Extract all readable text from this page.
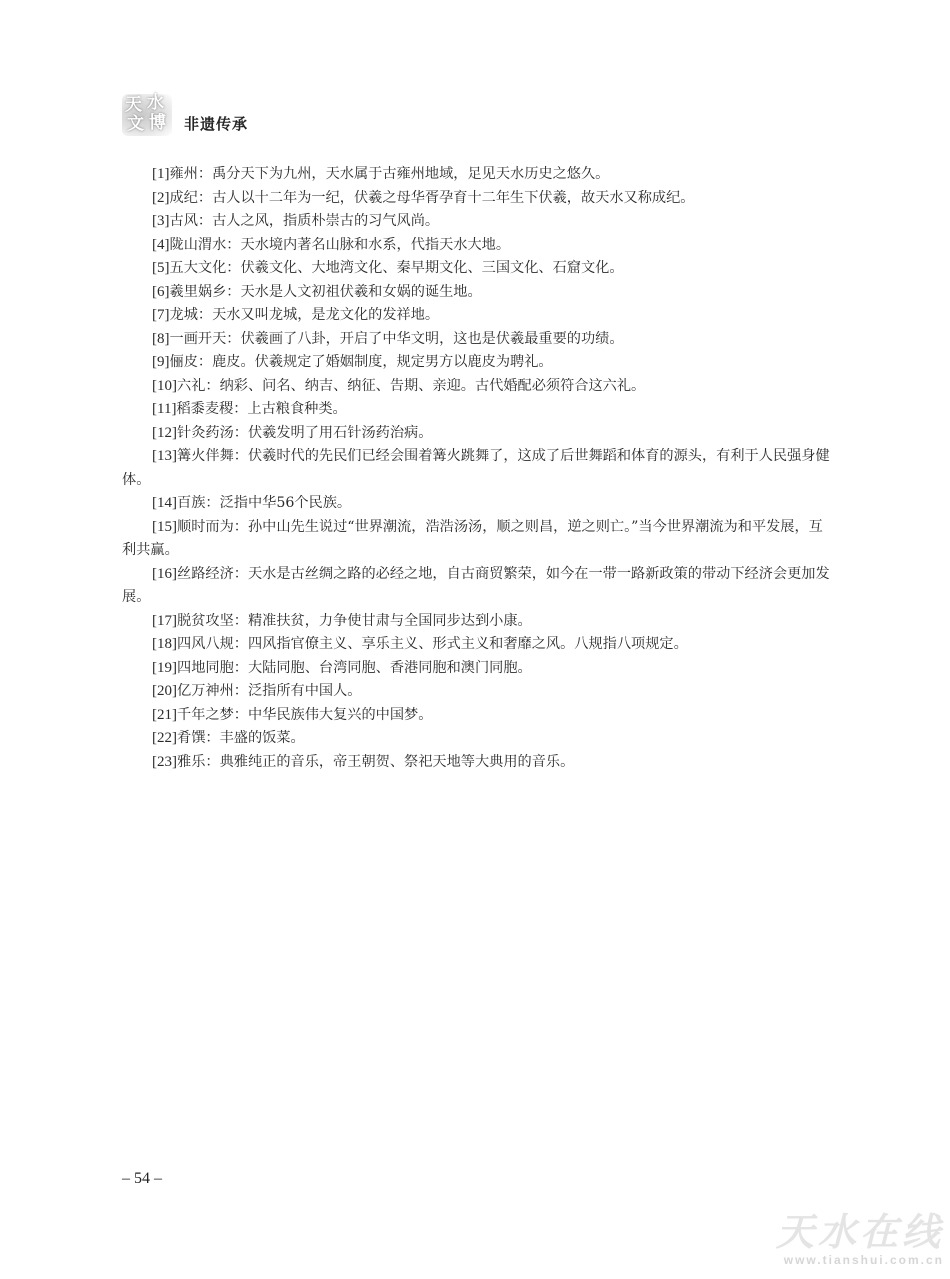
天 水
文 博 非遗传承

[1]雍州：禹分天下为九州，天水属于古雍州地域，足见天水历史之悠久。

[2]成纪：古人以十二年为一纪，伏羲之母华胥孕育十二年生下伏羲，故天水又称成纪。

[3]古风：古人之风，指质朴崇古的习气风尚。

[4]陇山渭水：天水境内著名山脉和水系，代指天水大地。

[5]五大文化：伏羲文化、大地湾文化、秦早期文化、三国文化、石窟文化。

[6]羲里娲乡：天水是人文初祖伏羲和女娲的诞生地。

[7]龙城：天水又叫龙城，是龙文化的发祥地。

[8]一画开天：伏羲画了八卦，开启了中华文明，这也是伏羲最重要的功绩。

[9]俪皮：鹿皮。伏羲规定了婚姻制度，规定男方以鹿皮为聘礼。

[10]六礼：纳彩、问名、纳吉、纳征、告期、亲迎。古代婚配必须符合这六礼。

[11]稻黍麦稷：上古粮食种类。

[12]针灸药汤：伏羲发明了用石针汤药治病。

[13]篝火伴舞：伏羲时代的先民们已经会围着篝火跳舞了，这成了后世舞蹈和体育的源头，有利于人民强身健体。

[14]百族：泛指中华56个民族。

[15]顺时而为：孙中山先生说过“世界潮流，浩浩汤汤，顺之则昌，逆之则亡。”当今世界潮流为和平发展，互利共赢。

[16]丝路经济：天水是古丝绸之路的必经之地，自古商贸繁荣，如今在一带一路新政策的带动下经济会更加发展。

[17]脱贫攻坚：精准扶贫，力争使甘肃与全国同步达到小康。

[18]四风八规：四风指官僚主义、享乐主义、形式主义和奢靡之风。八规指八项规定。

[19]四地同胞：大陆同胞、台湾同胞、香港同胞和澳门同胞。

[20]亿万神州：泛指所有中国人。

[21]千年之梦：中华民族伟大复兴的中国梦。

[22]肴馔：丰盛的饭菜。

[23]雅乐：典雅纯正的音乐，帝王朝贺、祭祀天地等大典用的音乐。

– 54 –
天水在线
www.tianshui.com.cn
